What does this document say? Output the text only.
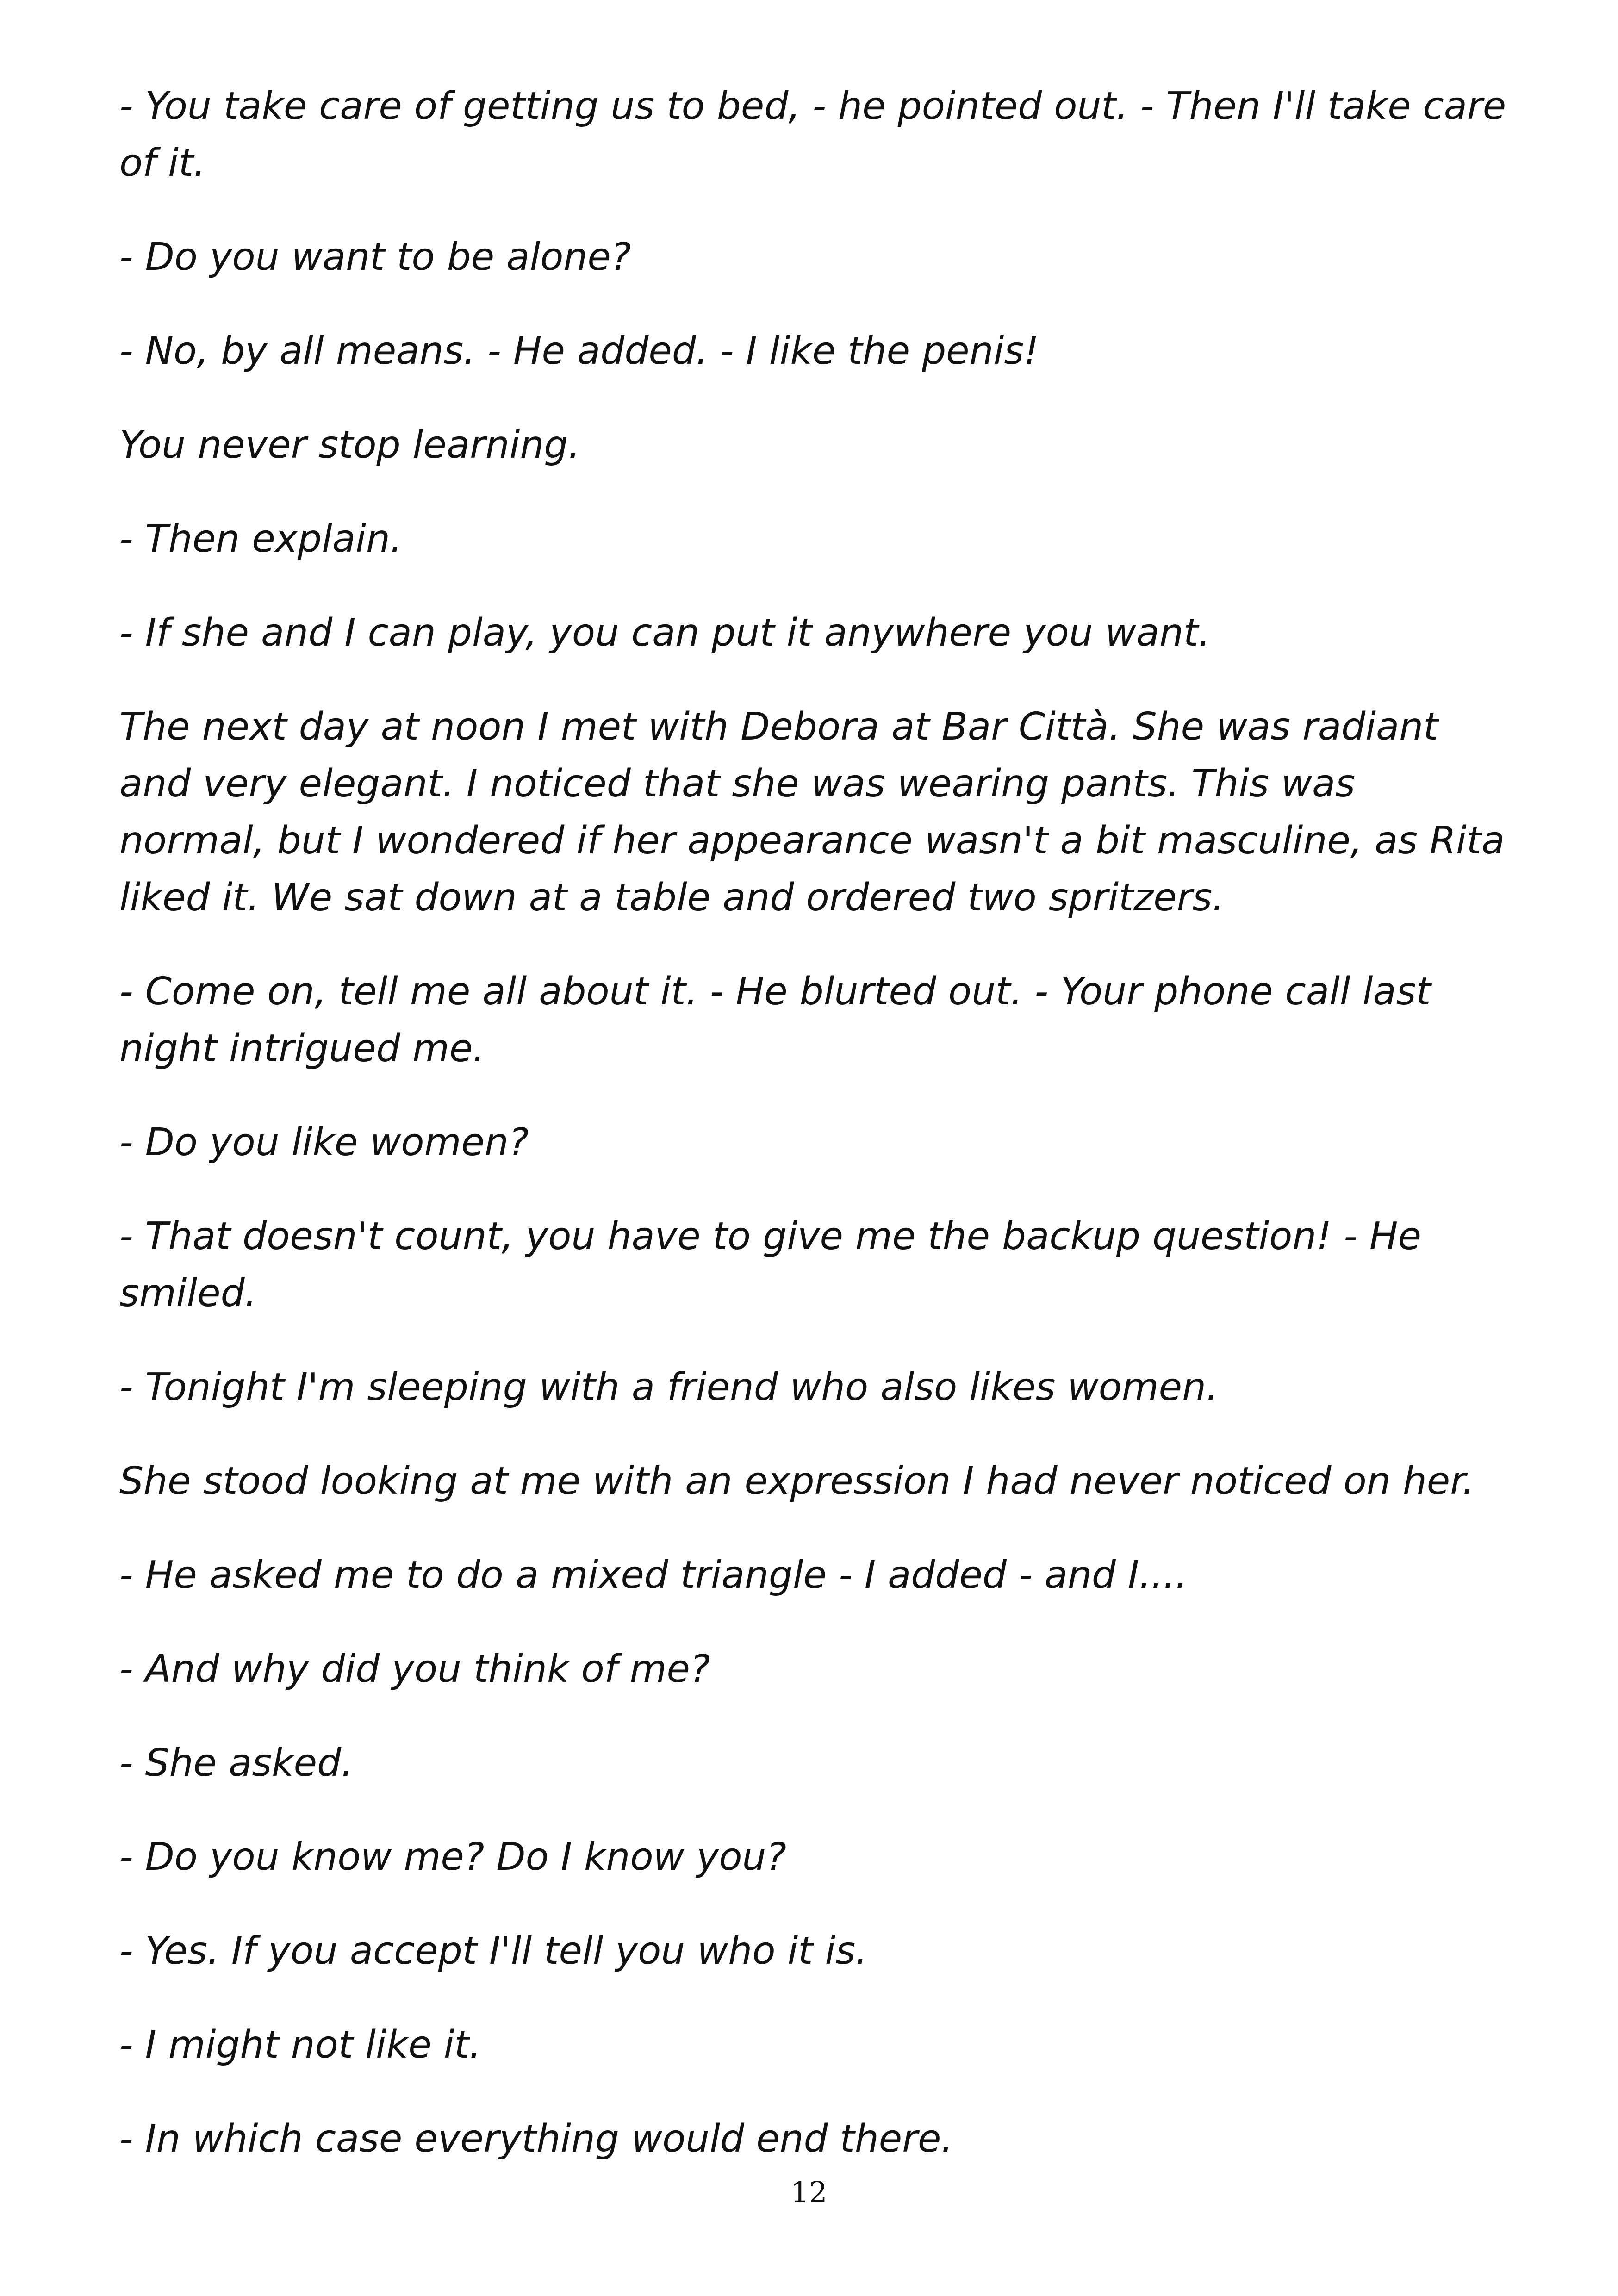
- You take care of getting us to bed, - he pointed out. - Then I'll take care of it.

- Do you want to be alone?

- No, by all means. - He added. - I like the penis!

You never stop learning.

- Then explain.

- If she and I can play, you can put it anywhere you want.

The next day at noon I met with Debora at Bar Città. She was radiant and very elegant. I noticed that she was wearing pants. This was normal, but I wondered if her appearance wasn't a bit masculine, as Rita liked it. We sat down at a table and ordered two spritzers.

- Come on, tell me all about it. - He blurted out. - Your phone call last night intrigued me.

- Do you like women?

- That doesn't count, you have to give me the backup question! - He smiled.

- Tonight I'm sleeping with a friend who also likes women.

She stood looking at me with an expression I had never noticed on her.

- He asked me to do a mixed triangle - I added - and I....

- And why did you think of me?

- She asked.

- Do you know me? Do I know you?

- Yes. If you accept I'll tell you who it is.

- I might not like it.

- In which case everything would end there.

12
